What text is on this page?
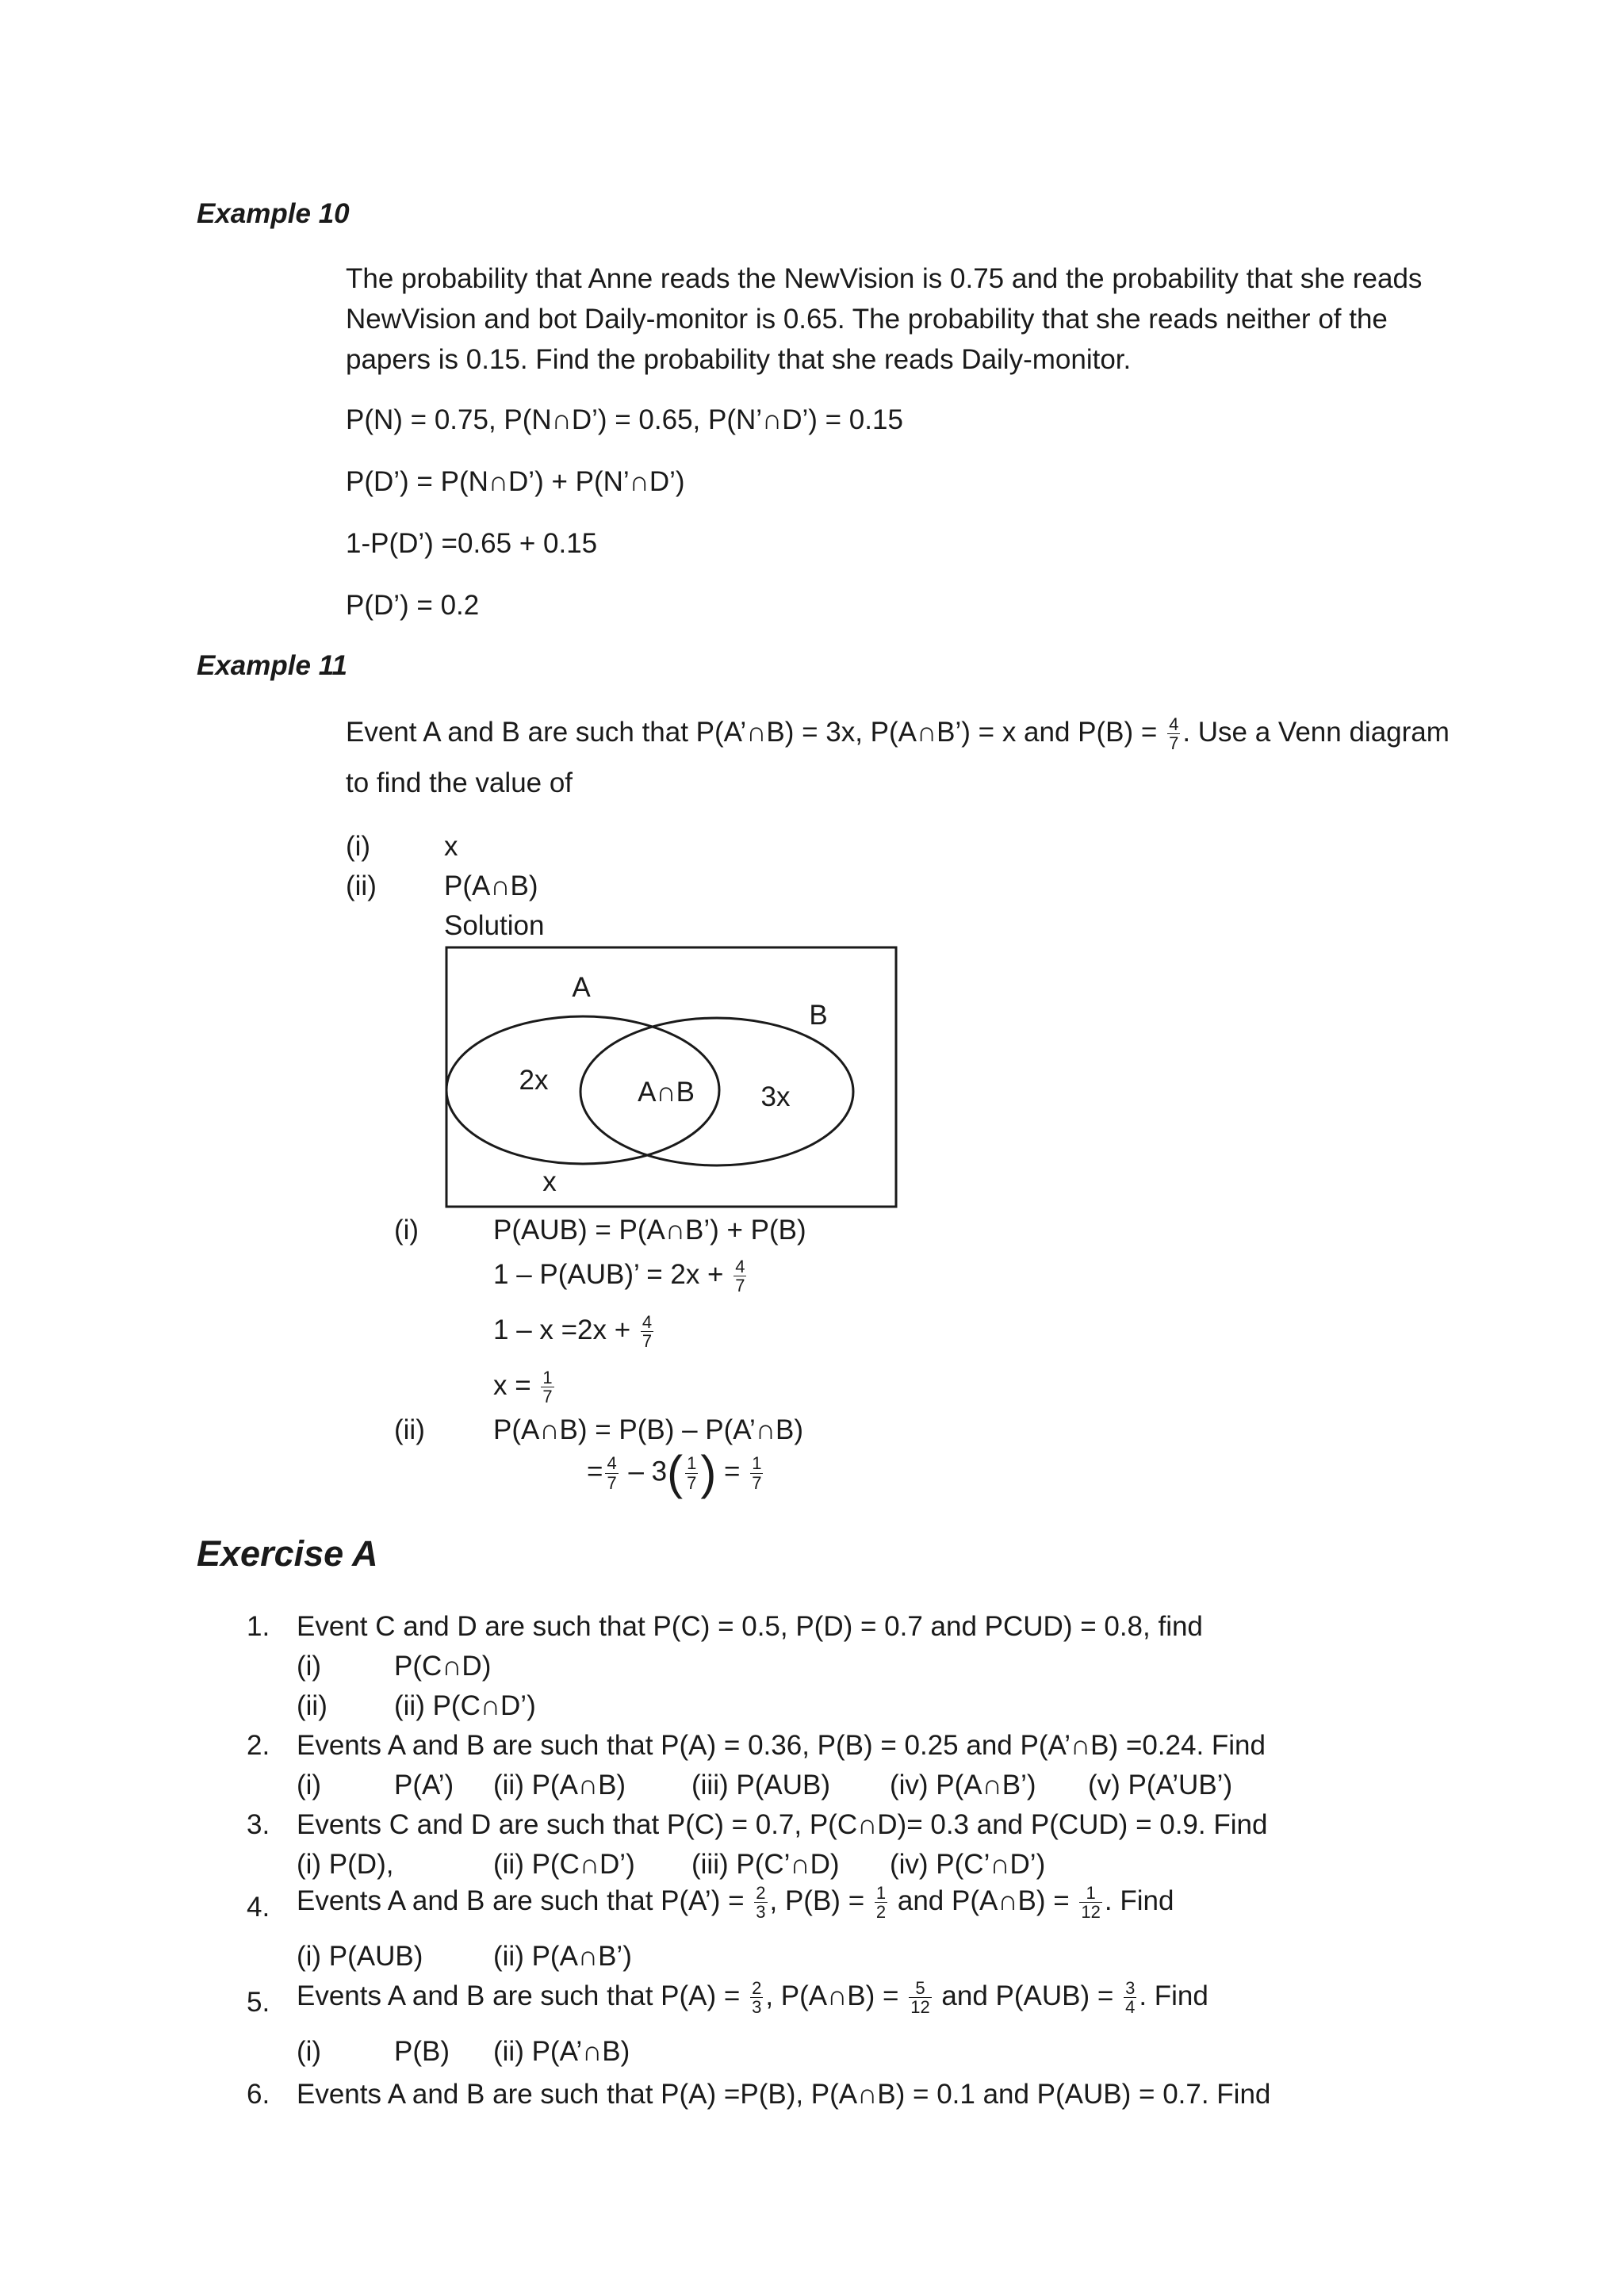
Example 10
The probability that Anne reads the NewVision is 0.75 and the probability that she reads NewVision and bot Daily-monitor is 0.65. The probability that she reads neither of the papers is 0.15. Find the probability that she reads Daily-monitor.
P(N) = 0.75, P(N∩D’) = 0.65, P(N’∩D’) = 0.15
P(D’) = P(N∩D’) + P(N’∩D’)
1-P(D’) =0.65 + 0.15
P(D’) = 0.2
Example 11
Event A and B are such that P(A’∩B) = 3x, P(A∩B’) = x and $P(B) = \frac{4}{7}$ . Use a Venn diagram
to find the value of
(i)	x
(ii) P(A∩B)
Solution
A
B
2x	A∩B 3x
x
(i)	P(AUB) = P(A∩B’) + P(B)
1 – P(AUB)’ = $2x + \frac{4}{7}$
$1 - x =2x + \frac{4}{7}$
$x = \frac{1}{7}$
(ii) P(A∩B) = P(B) – P(A’∩B)
= $\frac{4}{7} - 3( \frac{1}{7}$ ) = $\frac{1}{7}$
Exercise A
1. Event C and D are such that P(C) = 0.5, P(D) = 0.7 and PCUD) = 0.8, find
(i)	P(C∩D)
(ii) (ii) P(C∩D’)
2. Events A and B are such that P(A) = 0.36, P(B) = 0.25 and P(A’∩B) =0.24. Find
(i)	P(A’) (ii) P(A∩B) (iii) P(AUB) (iv) P(A∩B’) (v) P(A’UB’)
3. Events C and D are such that P(C) = 0.7, P(C∩D)= 0.3 and P(CUD) = 0.9. Find
(i) P(D),	(ii) P(C∩D’) (iii) P(C’∩D) (iv) P(C’∩D’)
4. Events A and B are such that P(A’) = $\frac{2}{3}$ , $P(B) = \frac{1}{2}$ and P(A∩B) = $\frac{1}{12}$ . Find
(i) P(AUB)	(ii) P(A∩B’)
5. Events A and B are such that $P(A) = \frac{2}{3}$ , P(A∩B) = $\frac{5}{12}$ and $P(AUB) = \frac{3}{4}$ . Find
(i)	P(B) (ii) P(A’∩B)
6. Events A and B are such that P(A) =P(B), P(A∩B) = 0.1 and P(AUB) = 0.7. Find
